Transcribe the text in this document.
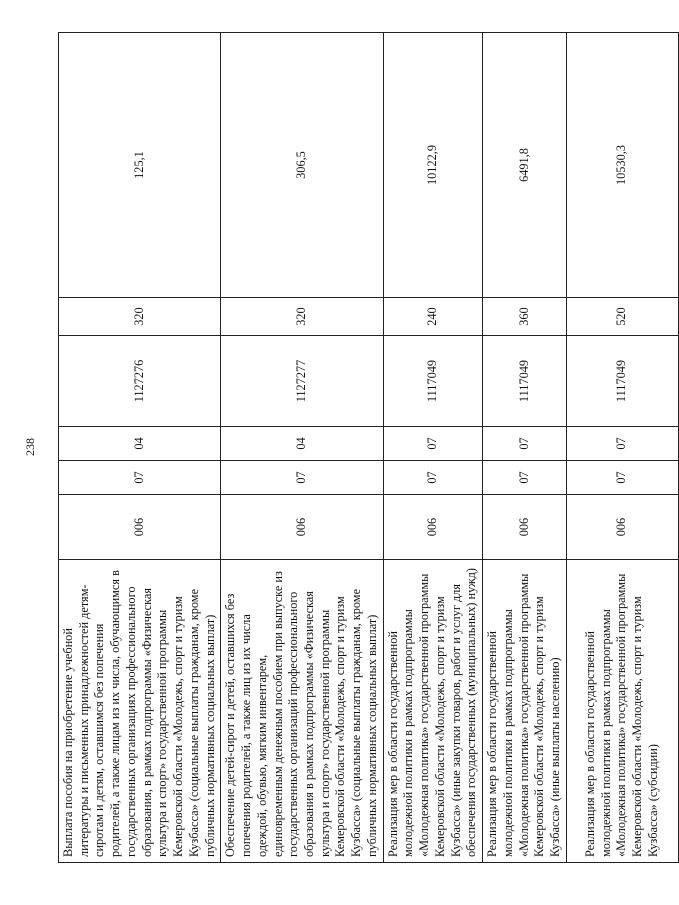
238
Выплата пособия на приобретение учебной литературы и письменных принадлежностей детям-сиротам и детям, оставшимся без попечения родителей, а также лицам из их числа, обучающимся в государственных организациях профессионального образования, в рамках подпрограммы «Физическая культура и спорт» государственной программы Кемеровской области «Молодежь, спорт и туризм Кузбасса» (социальные выплаты гражданам, кроме публичных нормативных социальных выплат)	006	07	04	1127276	320	125,1
Обеспечение детей-сирот и детей, оставшихся без попечения родителей, а также лиц из их числа одеждой, обувью, мягким инвентарем, единовременным денежным пособием при выпуске из государственных организаций профессионального образования в рамках подпрограммы «Физическая культура и спорт» государственной программы Кемеровской области «Молодежь, спорт и туризм Кузбасса» (социальные выплаты гражданам, кроме публичных нормативных социальных выплат)	006	07	04	1127277	320	306,5
Реализация мер в области государственной молодежной политики в рамках подпрограммы «Молодежная политика» государственной программы Кемеровской области «Молодежь, спорт и туризм Кузбасса» (иные закупки товаров, работ и услуг для обеспечения государственных (муниципальных) нужд)	006	07	07	1117049	240	10122,9
Реализация мер в области государственной молодежной политики в рамках подпрограммы «Молодежная политика» государственной программы Кемеровской области «Молодежь, спорт и туризм Кузбасса» (иные выплаты населению)	006	07	07	1117049	360	6491,8
Реализация мер в области государственной молодежной политики в рамках подпрограммы «Молодежная политика» государственной программы Кемеровской области «Молодежь, спорт и туризм Кузбасса» (субсидии)	006	07	07	1117049	520	10530,3
